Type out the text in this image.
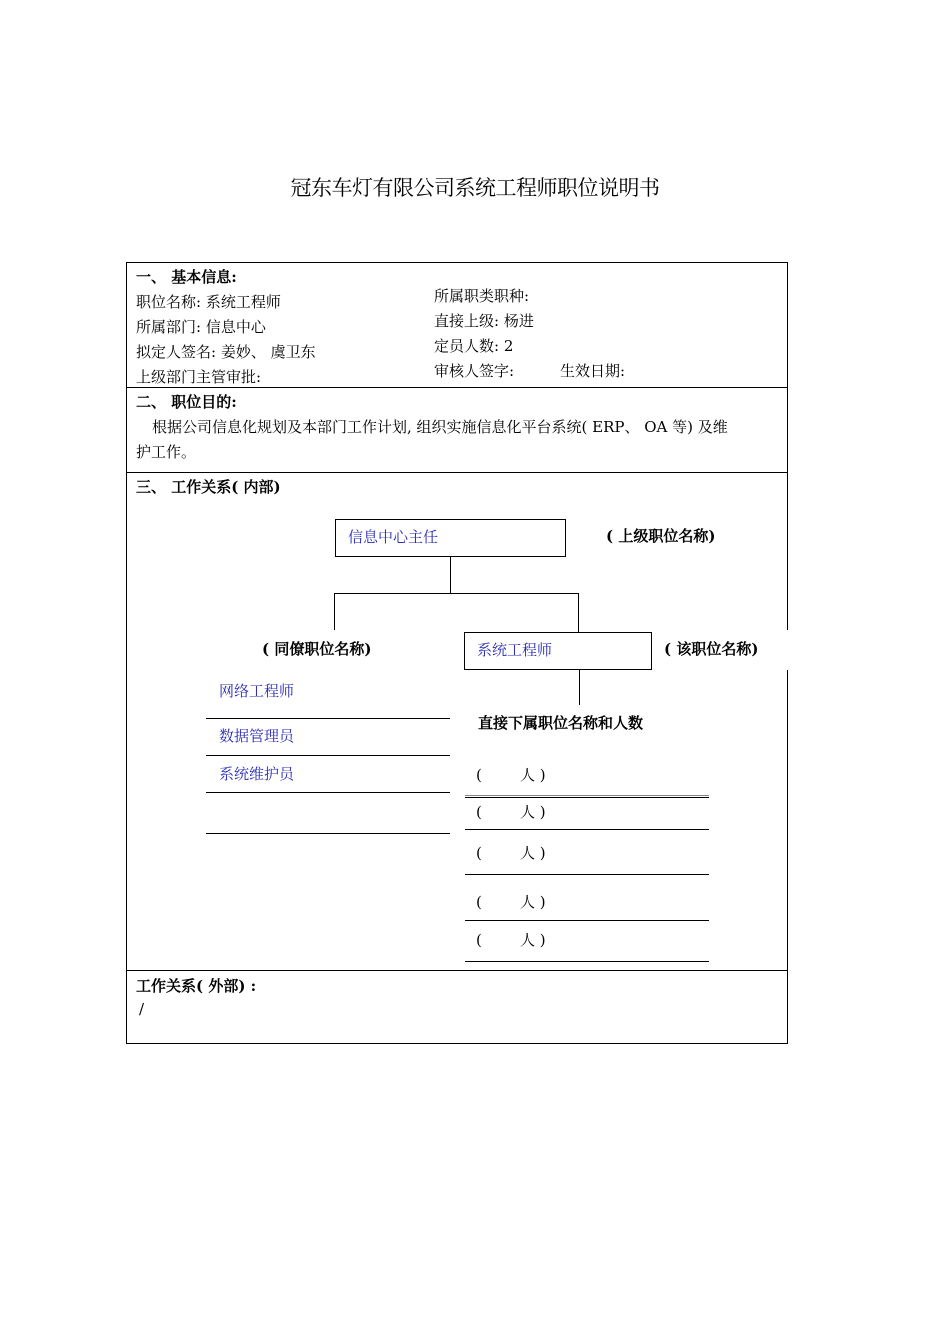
冠东车灯有限公司系统工程师职位说明书
一、 基本信息:
职位名称: 系统工程师
所属部门: 信息中心
拟定人签名: 姜妙、 虞卫东
上级部门主管审批:
所属职类职种:
直接上级: 杨进
定员人数: 2
审核人签字:	生效日期:
二、 职位目的:
根据公司信息化规划及本部门工作计划, 组织实施信息化平台系统( ERP、 OA 等) 及维
护工作。
三、 工作关系( 内部)
信息中心主任	( 上级职位名称)
( 同僚职位名称)	系统工程师	( 该职位名称)
网络工程师
数据管理员
系统维护员
直接下属职位名称和人数
(        人 )
(        人 )
(        人 )
(        人 )
(        人 )
工作关系( 外部) :
/
